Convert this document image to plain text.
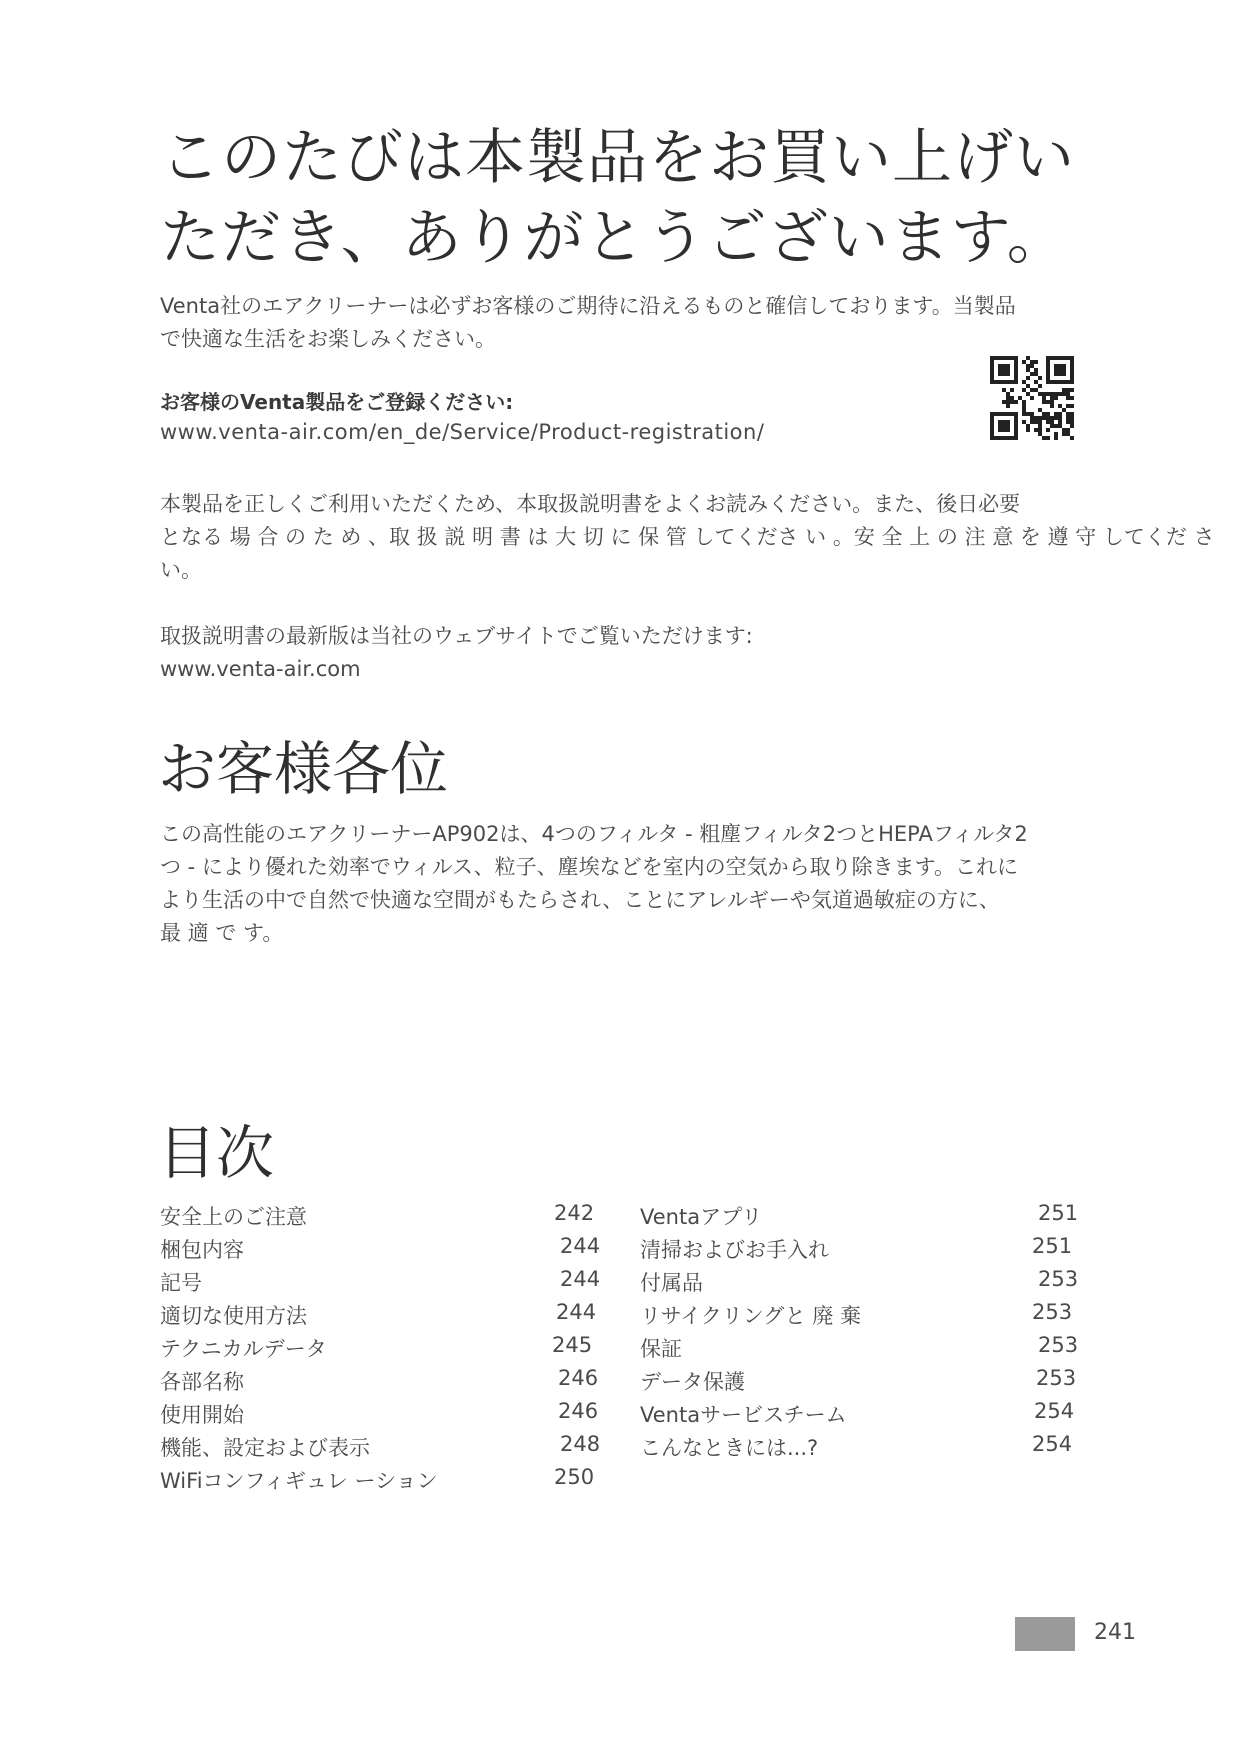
このたびは本製品をお買い上げい
ただき、ありがとうございます。
Venta社のエアクリーナーは必ずお客様のご期待に沿えるものと確信しております。当製品
で快適な生活をお楽しみください。
お客様のVenta製品をご登録ください:
www.venta-air.com/en_de/Service/Product-registration/
本製品を正しくご利用いただくため、本取扱説明書をよくお読みください。また、後日必要
となる 場 合 の た め 、取 扱 説 明 書 は 大 切 に 保 管 してくださ い 。安 全 上 の 注 意 を 遵 守 してくだ さ
い。
取扱説明書の最新版は当社のウェブサイトでご覧いただけます:
www.venta-air.com
お客様各位
この高性能のエアクリーナーAP902は、4つのフィルタ - 粗塵フィルタ2つとHEPAフィルタ2
つ - により優れた効率でウィルス、粒子、塵埃などを室内の空気から取り除きます。これに
より生活の中で自然で快適な空間がもたらされ、ことにアレルギーや気道過敏症の方に、
最 適 で す。
目次
安全上のご注意	242
梱包内容	244
記号	244
適切な使用方法	244
テクニカルデータ	245
各部名称	246
使用開始	246
機能、設定および表示	248
WiFiコンフィギュレ ーション	250
Ventaアプリ	251
清掃およびお手入れ	251
付属品	253
リサイクリングと 廃 棄	253
保証	253
データ保護	253
Ventaサービスチーム	254
こんなときには...?	254
241
